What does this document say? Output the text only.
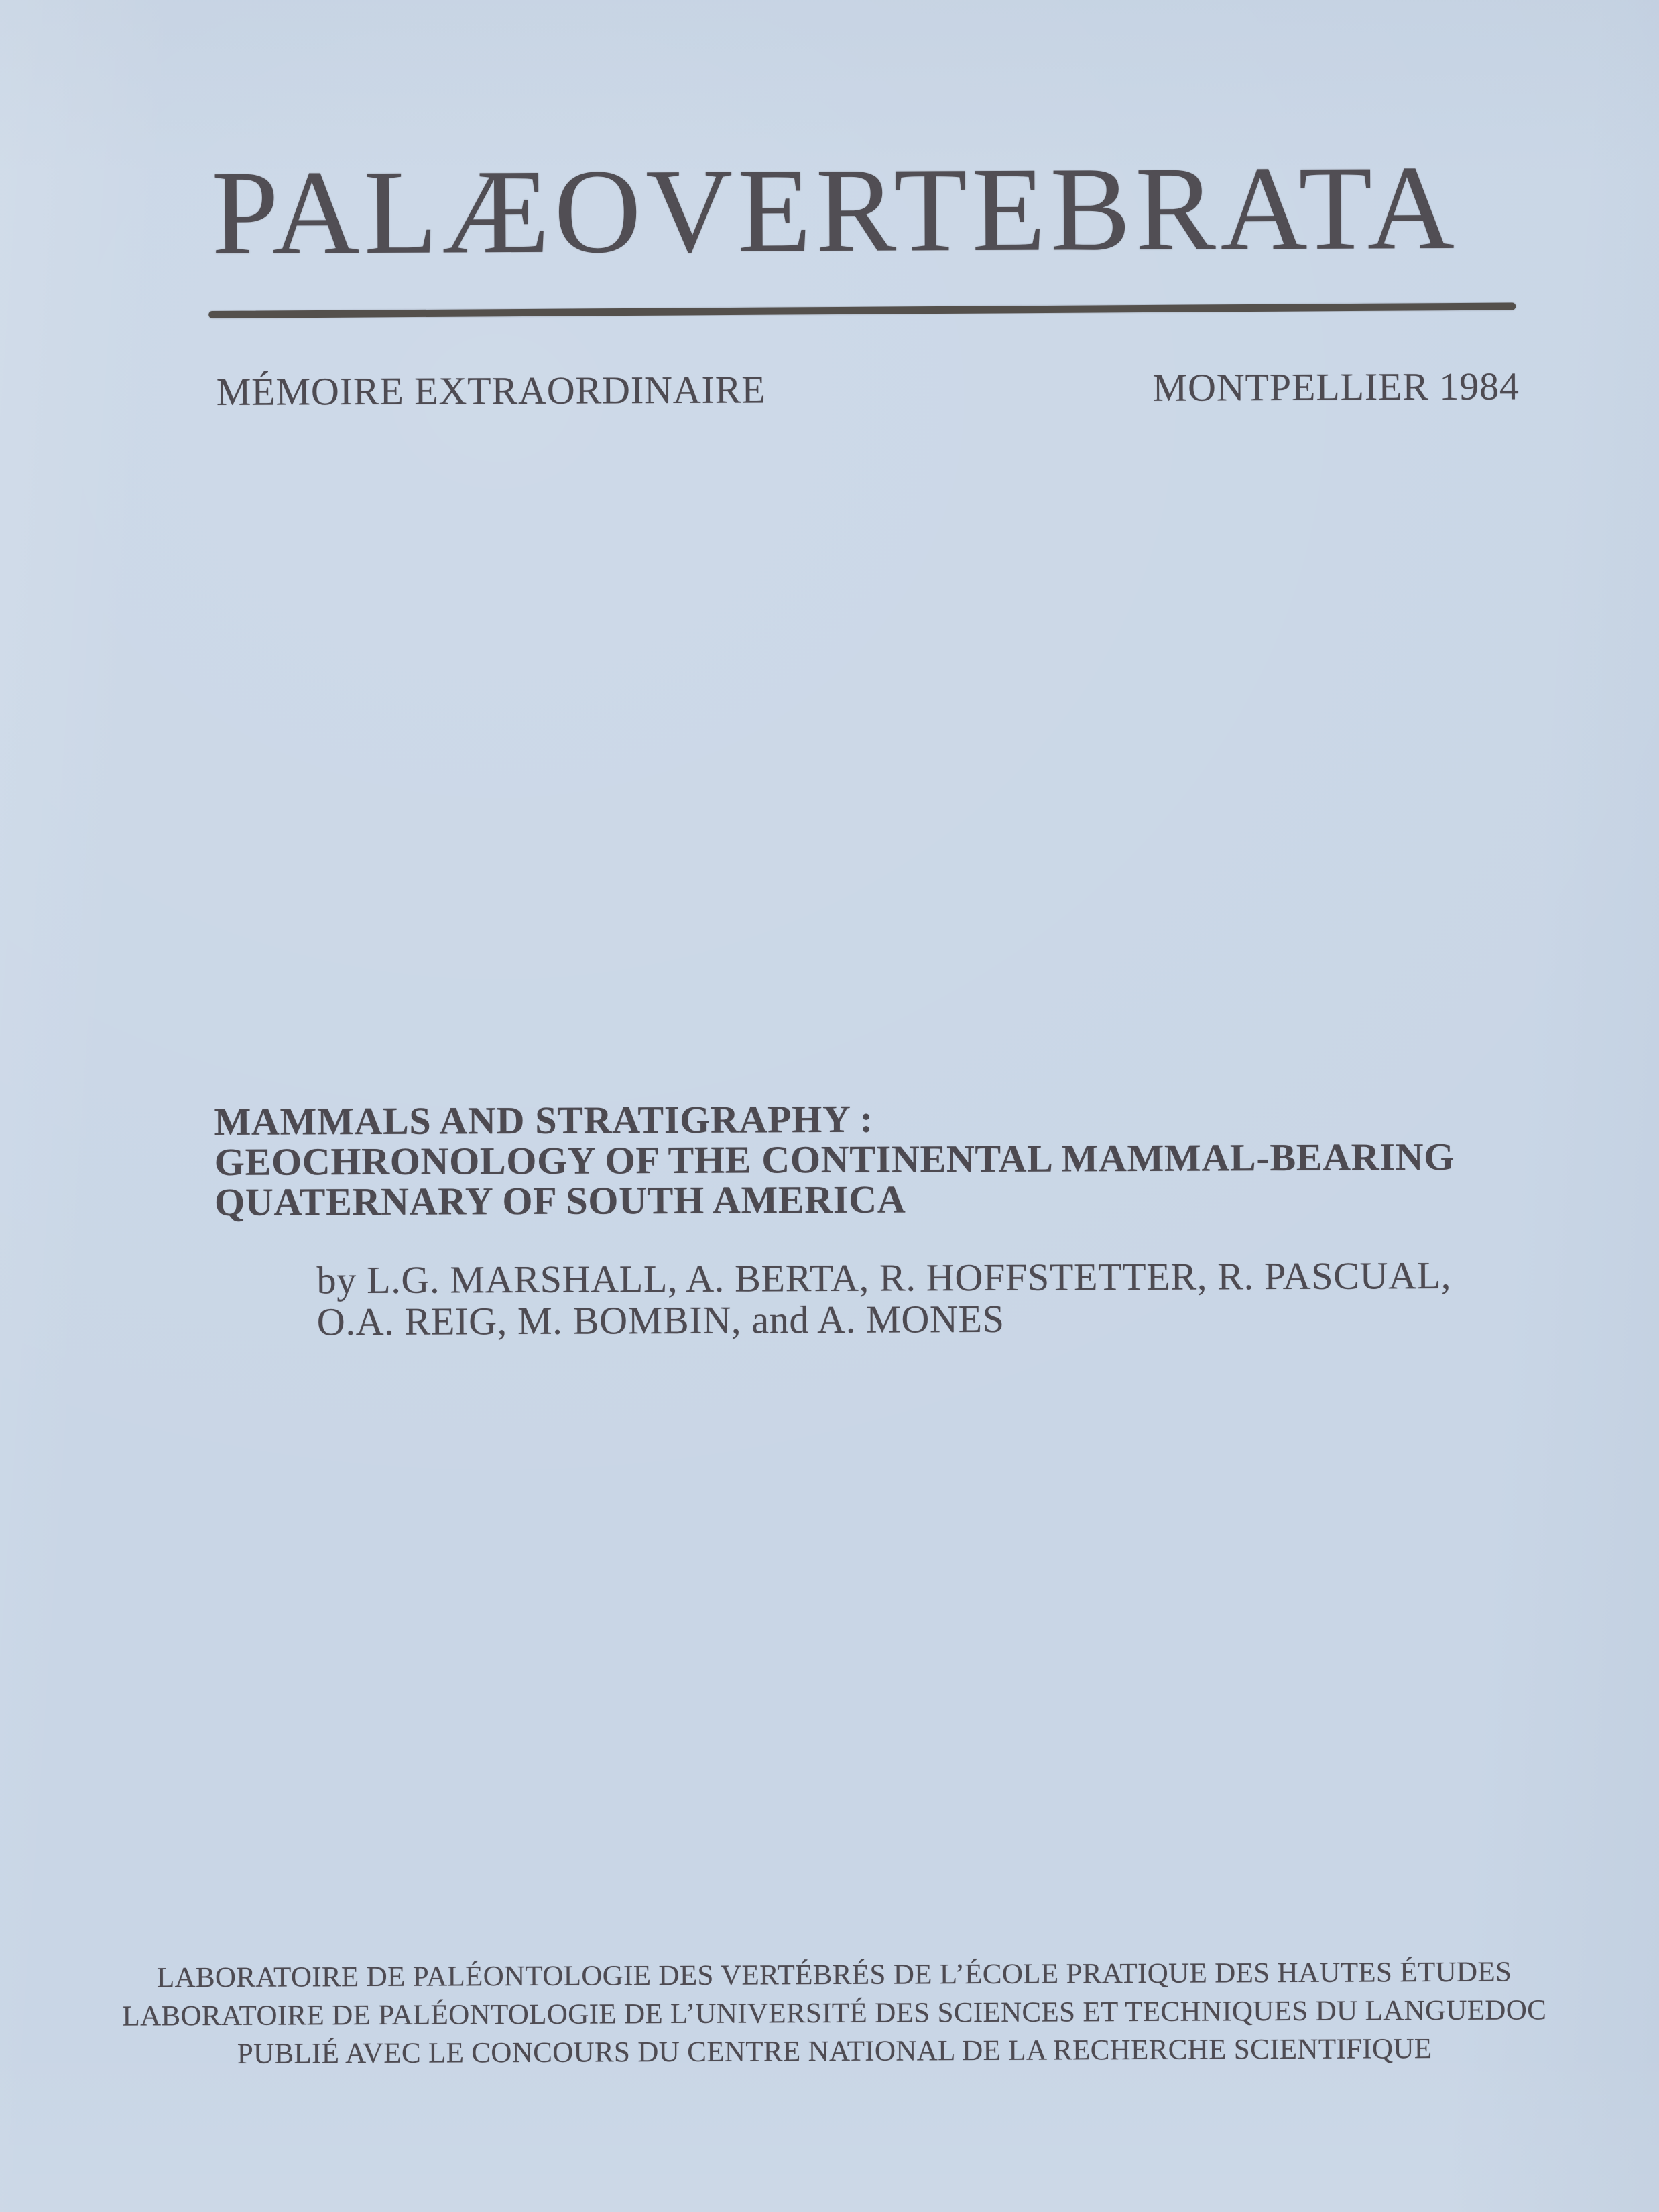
PALÆOVERTEBRATA
MÉMOIRE EXTRAORDINAIRE	MONTPELLIER 1984
MAMMALS AND STRATIGRAPHY :
GEOCHRONOLOGY OF THE CONTINENTAL MAMMAL-BEARING
QUATERNARY OF SOUTH AMERICA

by L.G. MARSHALL, A. BERTA, R. HOFFSTETTER, R. PASCUAL,
O.A. REIG, M. BOMBIN, and A. MONES

LABORATOIRE DE PALÉONTOLOGIE DES VERTÉBRÉS DE L’ÉCOLE PRATIQUE DES HAUTES ÉTUDES
LABORATOIRE DE PALÉONTOLOGIE DE L’UNIVERSITÉ DES SCIENCES ET TECHNIQUES DU LANGUEDOC
PUBLIÉ AVEC LE CONCOURS DU CENTRE NATIONAL DE LA RECHERCHE SCIENTIFIQUE
